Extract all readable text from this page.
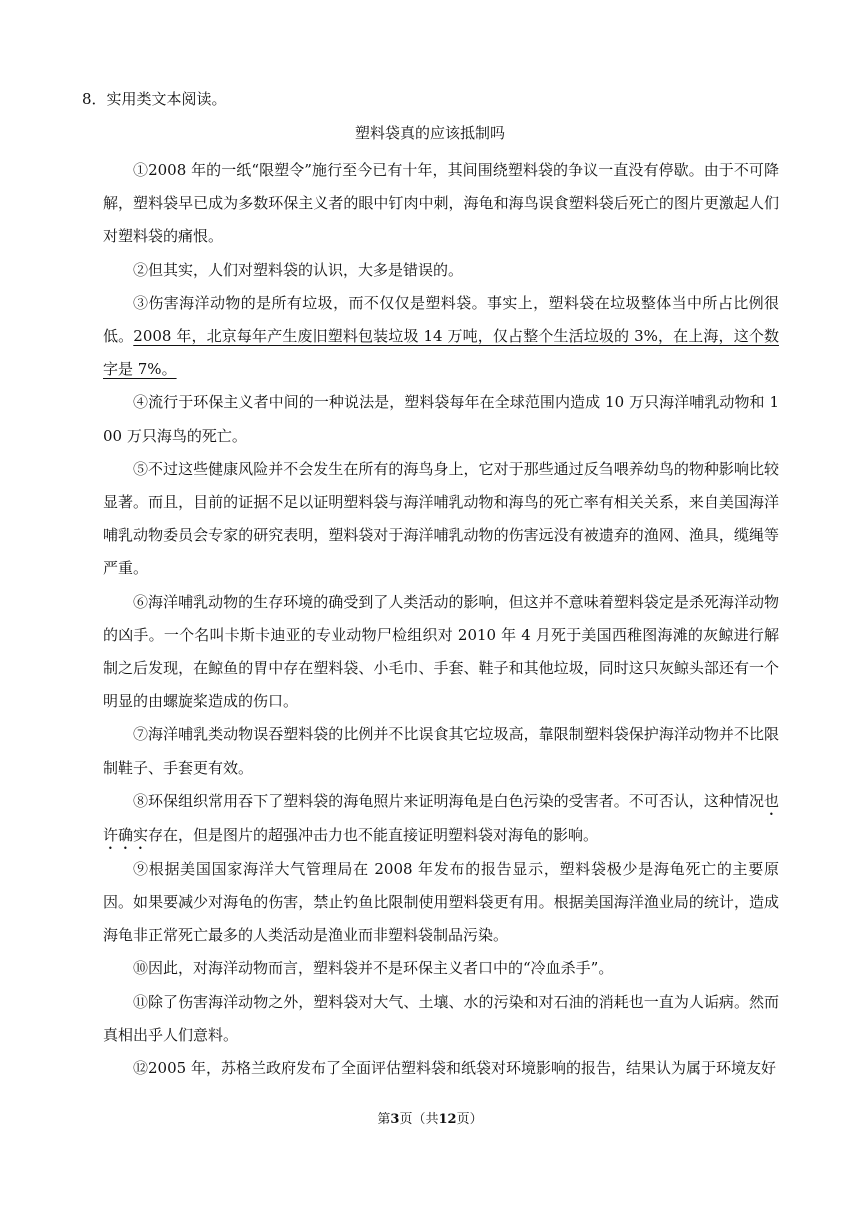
8．实用类文本阅读。
塑料袋真的应该抵制吗

①2008 年的一纸“限塑令”施行至今已有十年，其间围绕塑料袋的争议一直没有停歇。由于不可降解，塑料袋早已成为多数环保主义者的眼中钉肉中刺，海龟和海鸟误食塑料袋后死亡的图片更激起人们对塑料袋的痛恨。

②但其实，人们对塑料袋的认识，大多是错误的。

③伤害海洋动物的是所有垃圾，而不仅仅是塑料袋。事实上，塑料袋在垃圾整体当中所占比例很低。2008 年，北京每年产生废旧塑料包装垃圾 14 万吨，仅占整个生活垃圾的 3%，在上海，这个数字是 7%。

④流行于环保主义者中间的一种说法是，塑料袋每年在全球范围内造成 10 万只海洋哺乳动物和 100 万只海鸟的死亡。

⑤不过这些健康风险并不会发生在所有的海鸟身上，它对于那些通过反刍喂养幼鸟的物种影响比较显著。而且，目前的证据不足以证明塑料袋与海洋哺乳动物和海鸟的死亡率有相关关系，来自美国海洋哺乳动物委员会专家的研究表明，塑料袋对于海洋哺乳动物的伤害远没有被遗弃的渔网、渔具，缆绳等严重。

⑥海洋哺乳动物的生存环境的确受到了人类活动的影响，但这并不意味着塑料袋定是杀死海洋动物的凶手。一个名叫卡斯卡迪亚的专业动物尸检组织对 2010 年 4 月死于美国西稚图海滩的灰鲸进行解制之后发现，在鲸鱼的胃中存在塑料袋、小毛巾、手套、鞋子和其他垃圾，同时这只灰鲸头部还有一个明显的由螺旋桨造成的伤口。

⑦海洋哺乳类动物误吞塑料袋的比例并不比误食其它垃圾高，靠限制塑料袋保护海洋动物并不比限制鞋子、手套更有效。

⑧环保组织常用吞下了塑料袋的海龟照片来证明海龟是白色污染的受害者。不可否认，这种情况也许确实存在，但是图片的超强冲击力也不能直接证明塑料袋对海龟的影响。

⑨根据美国国家海洋大气管理局在 2008 年发布的报告显示，塑料袋极少是海龟死亡的主要原因。如果要减少对海龟的伤害，禁止钓鱼比限制使用塑料袋更有用。根据美国海洋渔业局的统计，造成海龟非正常死亡最多的人类活动是渔业而非塑料袋制品污染。

⑩因此，对海洋动物而言，塑料袋并不是环保主义者口中的“冷血杀手”。

⑪除了伤害海洋动物之外，塑料袋对大气、土壤、水的污染和对石油的消耗也一直为人诟病。然而真相出乎人们意料。

⑫2005 年，苏格兰政府发布了全面评估塑料袋和纸袋对环境影响的报告，结果认为属于环境友好

第3页（共12页）
